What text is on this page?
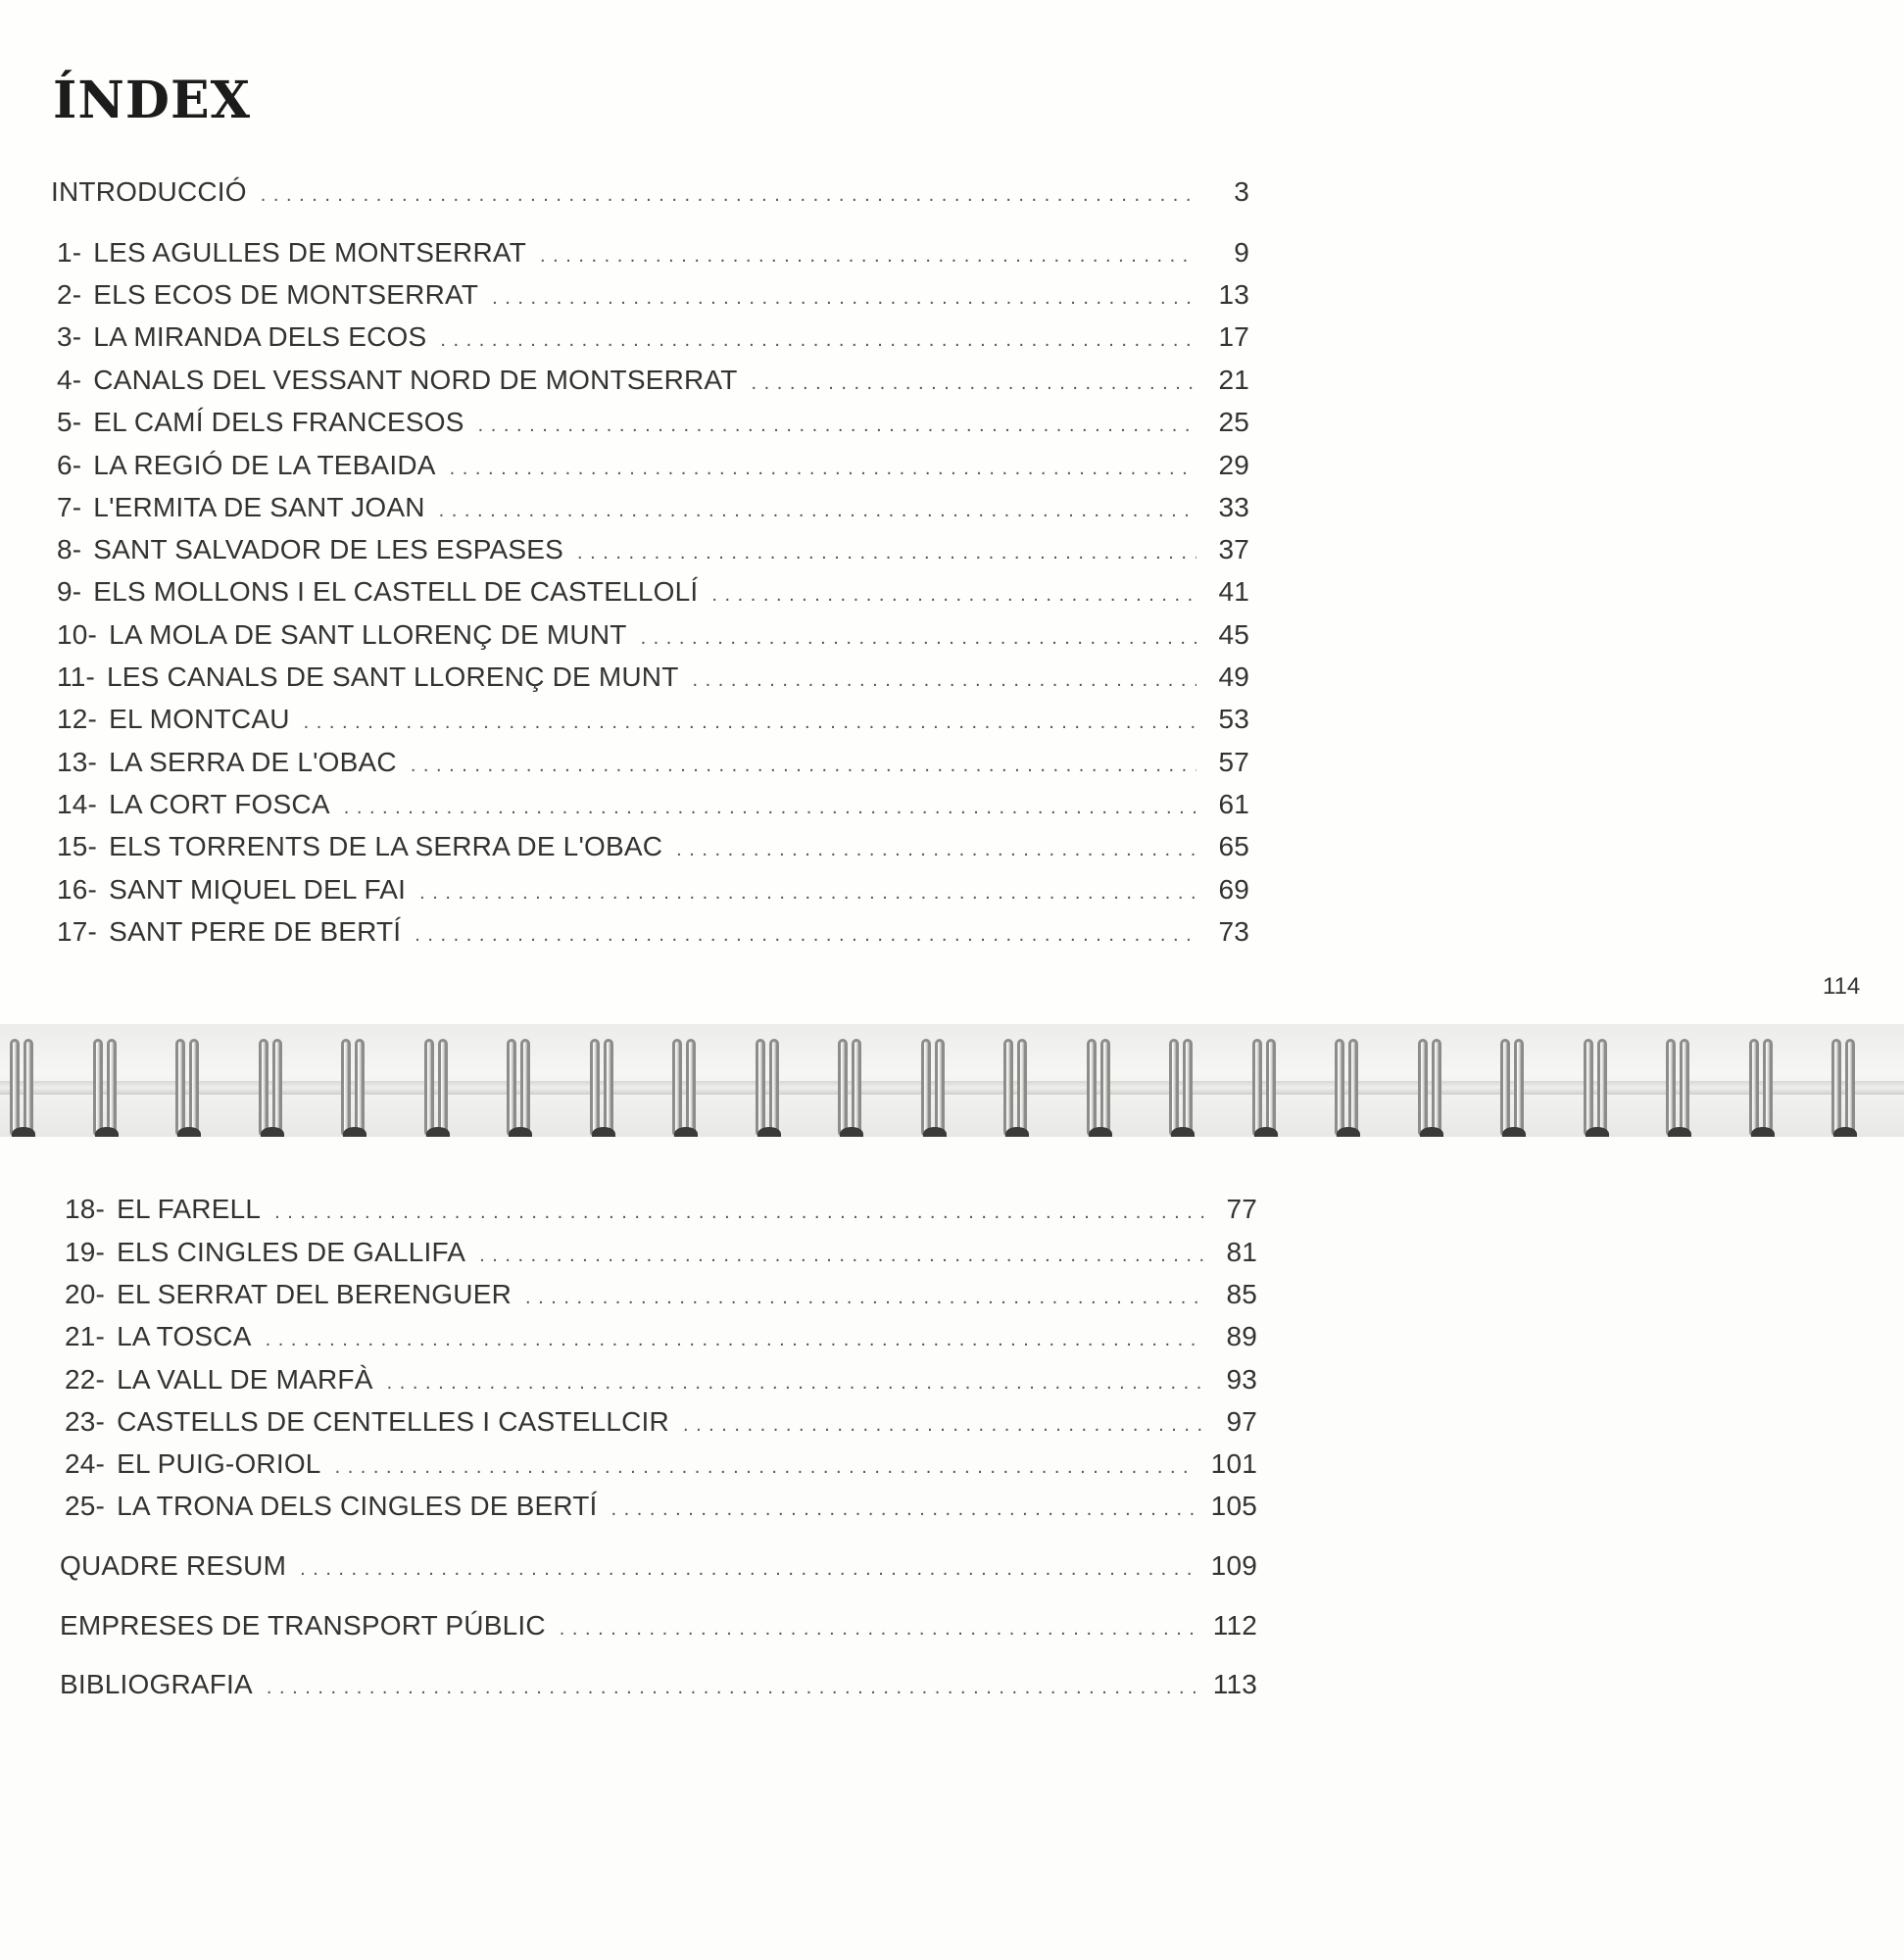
ÍNDEX
INTRODUCCIÓ . . .	3
1- LES AGULLES DE MONTSERRAT . . .	9
2- ELS ECOS DE MONTSERRAT . . .	13
3- LA MIRANDA DELS ECOS . . .	17
4- CANALS DEL VESSANT NORD DE MONTSERRAT . . .	21
5- EL CAMÍ DELS FRANCESOS . . .	25
6- LA REGIÓ DE LA TEBAIDA . . .	29
7- L'ERMITA DE SANT JOAN . . .	33
8- SANT SALVADOR DE LES ESPASES . . .	37
9- ELS MOLLONS I EL CASTELL DE CASTELLOLÍ . . .	41
10- LA MOLA DE SANT LLORENÇ DE MUNT . . .	45
11- LES CANALS DE SANT LLORENÇ DE MUNT . . .	49
12- EL MONTCAU . . .	53
13- LA SERRA DE L'OBAC . . .	57
14- LA CORT FOSCA . . .	61
15- ELS TORRENTS DE LA SERRA DE L'OBAC . . .	65
16- SANT MIQUEL DEL FAI . . .	69
17- SANT PERE DE BERTÍ . . .	73
114
18- EL FARELL . . .	77
19- ELS CINGLES DE GALLIFA . . .	81
20- EL SERRAT DEL BERENGUER . . .	85
21- LA TOSCA . . .	89
22- LA VALL DE MARFÀ . . .	93
23- CASTELLS DE CENTELLES I CASTELLCIR . . .	97
24- EL PUIG-ORIOL . . .	101
25- LA TRONA DELS CINGLES DE BERTÍ . . .	105
QUADRE RESUM . . .	109
EMPRESES DE TRANSPORT PÚBLIC . . .	112
BIBLIOGRAFIA . . .	113
